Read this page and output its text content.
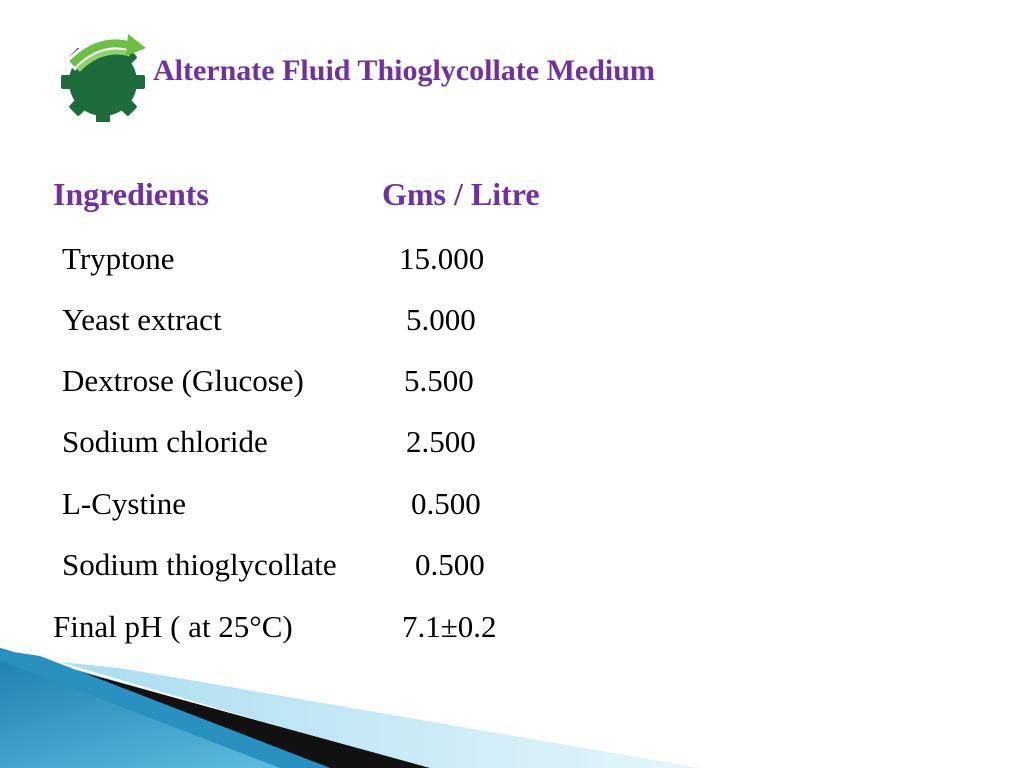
Alternate Fluid Thioglycollate Medium
Ingredients	Gms / Litre
Tryptone	15.000
Yeast extract	5.000
Dextrose (Glucose)	5.500
Sodium chloride	2.500
L-Cystine	0.500
Sodium thioglycollate	0.500
Final pH ( at 25°C)	7.1±0.2
